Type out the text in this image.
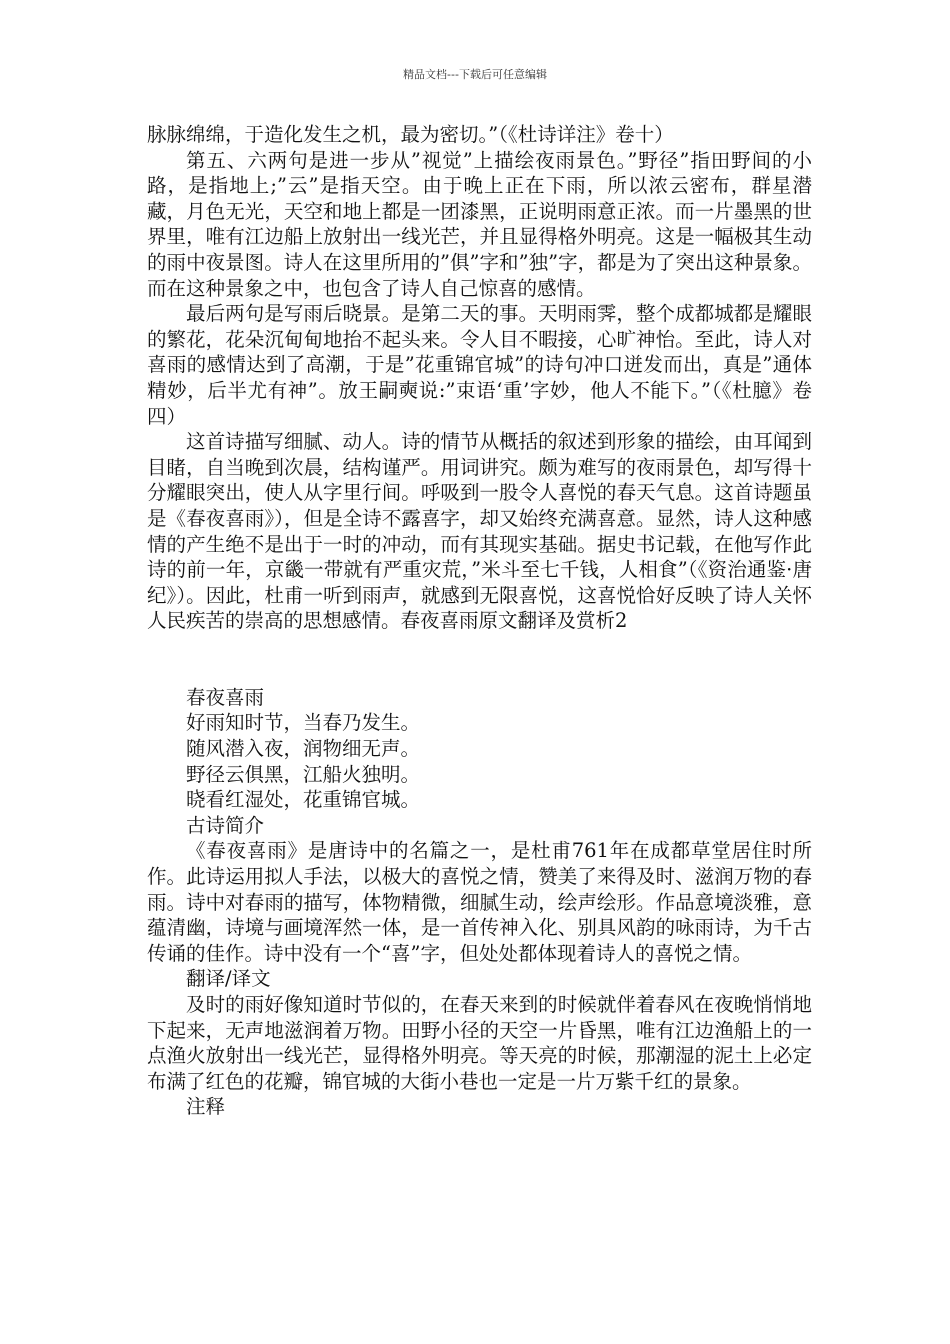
精品文档---下载后可任意编辑

脉脉绵绵，于造化发生之机，最为密切。”（《杜诗详注》卷十）

第五、六两句是进一步从”视觉”上描绘夜雨景色。”野径”指田野间的小路，是指地上;”云”是指天空。由于晚上正在下雨，所以浓云密布，群星潜藏，月色无光，天空和地上都是一团漆黑，正说明雨意正浓。而一片墨黑的世界里，唯有江边船上放射出一线光芒，并且显得格外明亮。这是一幅极其生动的雨中夜景图。诗人在这里所用的”俱”字和”独”字，都是为了突出这种景象。而在这种景象之中，也包含了诗人自己惊喜的感情。

最后两句是写雨后晓景。是第二天的事。天明雨霁，整个成都城都是耀眼的繁花，花朵沉甸甸地抬不起头来。令人目不暇接，心旷神怡。至此，诗人对喜雨的感情达到了高潮，于是”花重锦官城”的诗句冲口迸发而出，真是”通体精妙，后半尤有神”。放王嗣奭说:”束语‘重’字妙，他人不能下。”（《杜臆》卷四）

这首诗描写细腻、动人。诗的情节从概括的叙述到形象的描绘，由耳闻到目睹，自当晚到次晨，结构谨严。用词讲究。颇为难写的夜雨景色，却写得十分耀眼突出，使人从字里行间。呼吸到一股令人喜悦的春天气息。这首诗题虽是《春夜喜雨》），但是全诗不露喜字，却又始终充满喜意。显然，诗人这种感情的产生绝不是出于一时的冲动，而有其现实基础。据史书记载，在他写作此诗的前一年，京畿一带就有严重灾荒，”米斗至七千钱，人相食”（《资治通鉴·唐纪》）。因此，杜甫一听到雨声，就感到无限喜悦，这喜悦恰好反映了诗人关怀人民疾苦的崇高的思想感情。春夜喜雨原文翻译及赏析2

春夜喜雨

好雨知时节，当春乃发生。

随风潜入夜，润物细无声。

野径云俱黑，江船火独明。

晓看红湿处，花重锦官城。

古诗简介

《春夜喜雨》是唐诗中的名篇之一，是杜甫761年在成都草堂居住时所作。此诗运用拟人手法，以极大的喜悦之情，赞美了来得及时、滋润万物的春雨。诗中对春雨的描写，体物精微，细腻生动，绘声绘形。作品意境淡雅，意蕴清幽，诗境与画境浑然一体，是一首传神入化、别具风韵的咏雨诗，为千古传诵的佳作。诗中没有一个“喜”字，但处处都体现着诗人的喜悦之情。

翻译/译文

及时的雨好像知道时节似的，在春天来到的时候就伴着春风在夜晚悄悄地下起来，无声地滋润着万物。田野小径的天空一片昏黑，唯有江边渔船上的一点渔火放射出一线光芒，显得格外明亮。等天亮的时候，那潮湿的泥土上必定布满了红色的花瓣，锦官城的大街小巷也一定是一片万紫千红的景象。

注释
